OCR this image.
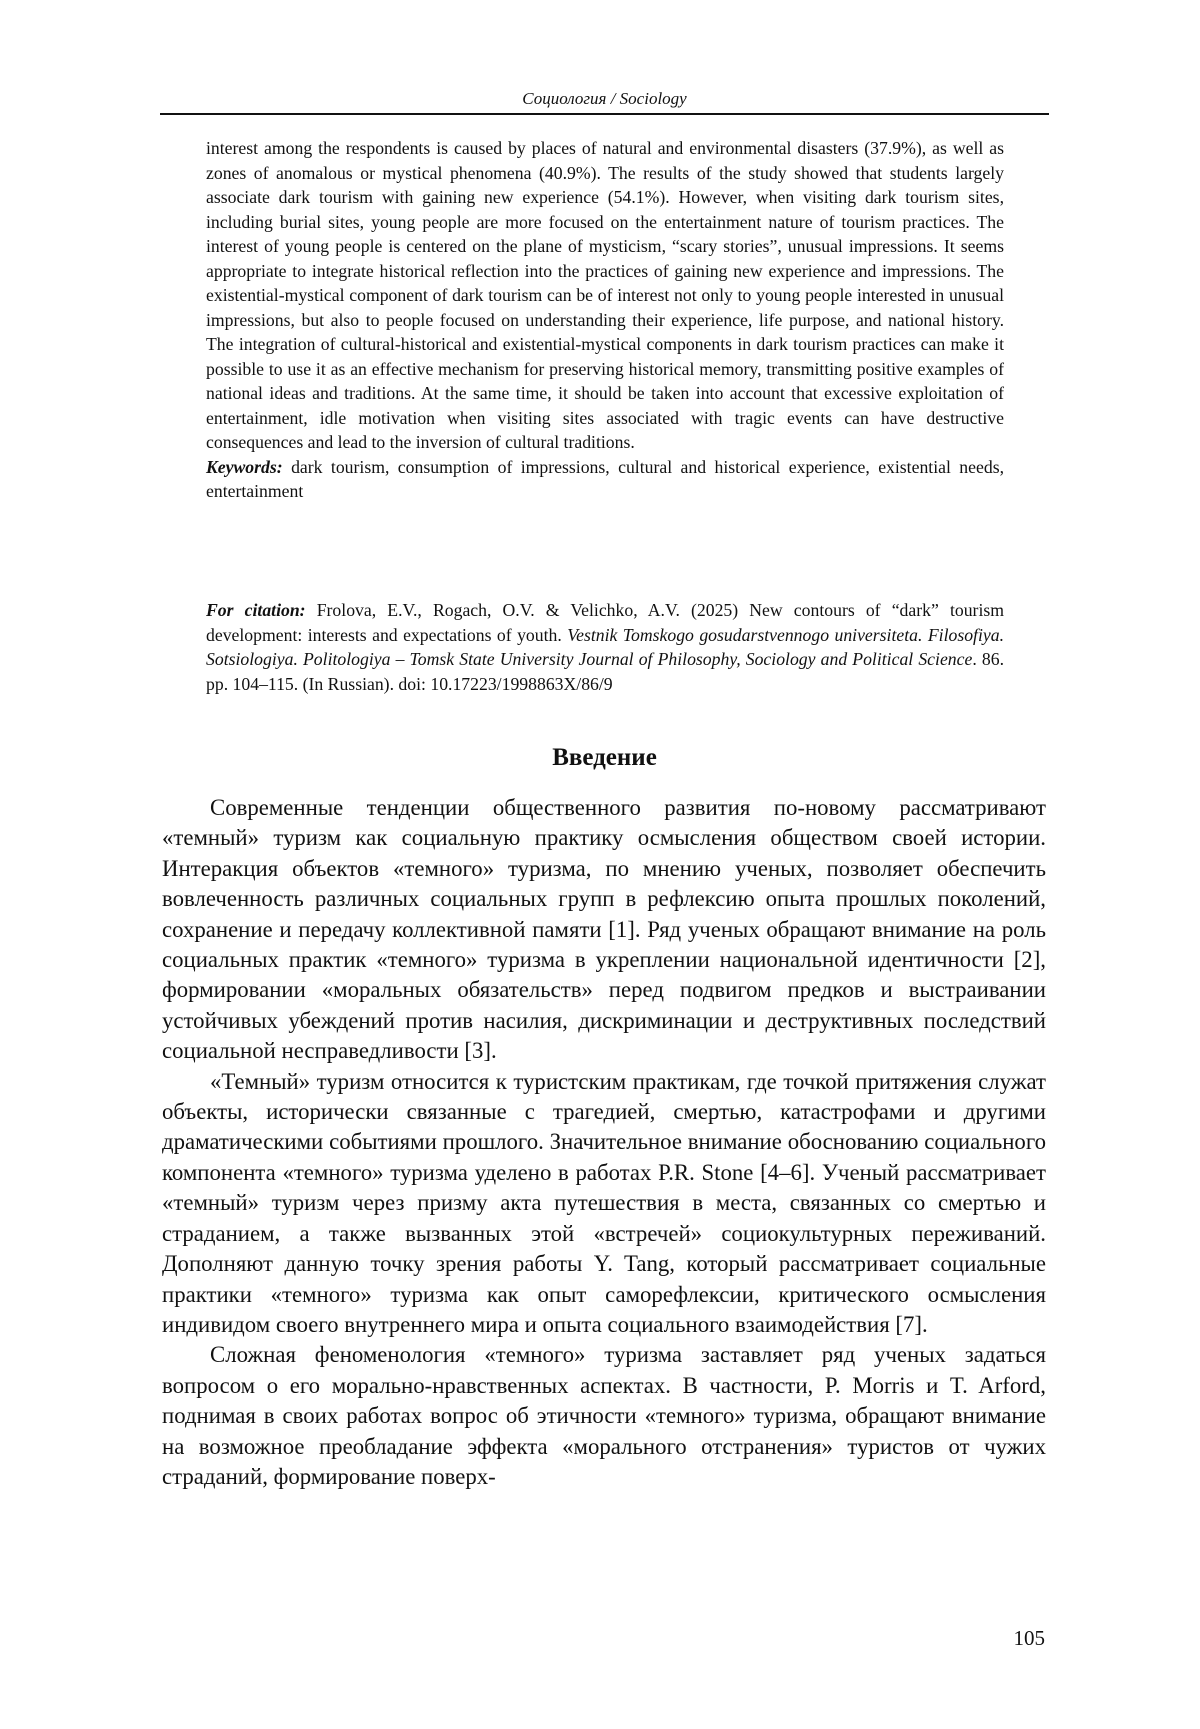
Социология / Sociology

interest among the respondents is caused by places of natural and environmental disasters (37.9%), as well as zones of anomalous or mystical phenomena (40.9%). The results of the study showed that students largely associate dark tourism with gaining new experience (54.1%). However, when visiting dark tourism sites, including burial sites, young people are more focused on the entertainment nature of tourism practices. The interest of young people is centered on the plane of mysticism, “scary stories”, unusual impressions. It seems appropriate to integrate historical reflection into the practices of gaining new experience and impressions. The existential-mystical component of dark tourism can be of interest not only to young people interested in unusual impressions, but also to people focused on understanding their experience, life purpose, and national history. The integration of cultural-historical and existential-mystical components in dark tourism practices can make it possible to use it as an effective mechanism for preserving historical memory, transmitting positive examples of national ideas and traditions. At the same time, it should be taken into account that excessive exploitation of entertainment, idle motivation when visiting sites associated with tragic events can have destructive consequences and lead to the inversion of cultural traditions.

Keywords: dark tourism, consumption of impressions, cultural and historical experience, existential needs, entertainment

For citation: Frolova, E.V., Rogach, O.V. & Velichko, A.V. (2025) New contours of “dark” tourism development: interests and expectations of youth. Vestnik Tomskogo gosudarstvennogo universiteta. Filosofiya. Sotsiologiya. Politologiya – Tomsk State University Journal of Philosophy, Sociology and Political Science. 86. pp. 104–115. (In Russian). doi: 10.17223/1998863X/86/9

Введение

Современные тенденции общественного развития по-новому рассматривают «темный» туризм как социальную практику осмысления обществом своей истории. Интеракция объектов «темного» туризма, по мнению ученых, позволяет обеспечить вовлеченность различных социальных групп в рефлексию опыта прошлых поколений, сохранение и передачу коллективной памяти [1]. Ряд ученых обращают внимание на роль социальных практик «темного» туризма в укреплении национальной идентичности [2], формировании «моральных обязательств» перед подвигом предков и выстраивании устойчивых убеждений против насилия, дискриминации и деструктивных последствий социальной несправедливости [3].

«Темный» туризм относится к туристским практикам, где точкой притяжения служат объекты, исторически связанные с трагедией, смертью, катастрофами и другими драматическими событиями прошлого. Значительное внимание обоснованию социального компонента «темного» туризма уделено в работах P.R. Stone [4–6]. Ученый рассматривает «темный» туризм через призму акта путешествия в места, связанных со смертью и страданием, а также вызванных этой «встречей» социокультурных переживаний. Дополняют данную точку зрения работы Y. Tang, который рассматривает социальные практики «темного» туризма как опыт саморефлексии, критического осмысления индивидом своего внутреннего мира и опыта социального взаимодействия [7].

Сложная феноменология «темного» туризма заставляет ряд ученых задаться вопросом о его морально-нравственных аспектах. В частности, P. Morris и T. Arford, поднимая в своих работах вопрос об этичности «темного» туризма, обращают внимание на возможное преобладание эффекта «морального отстранения» туристов от чужих страданий, формирование поверх-

105
